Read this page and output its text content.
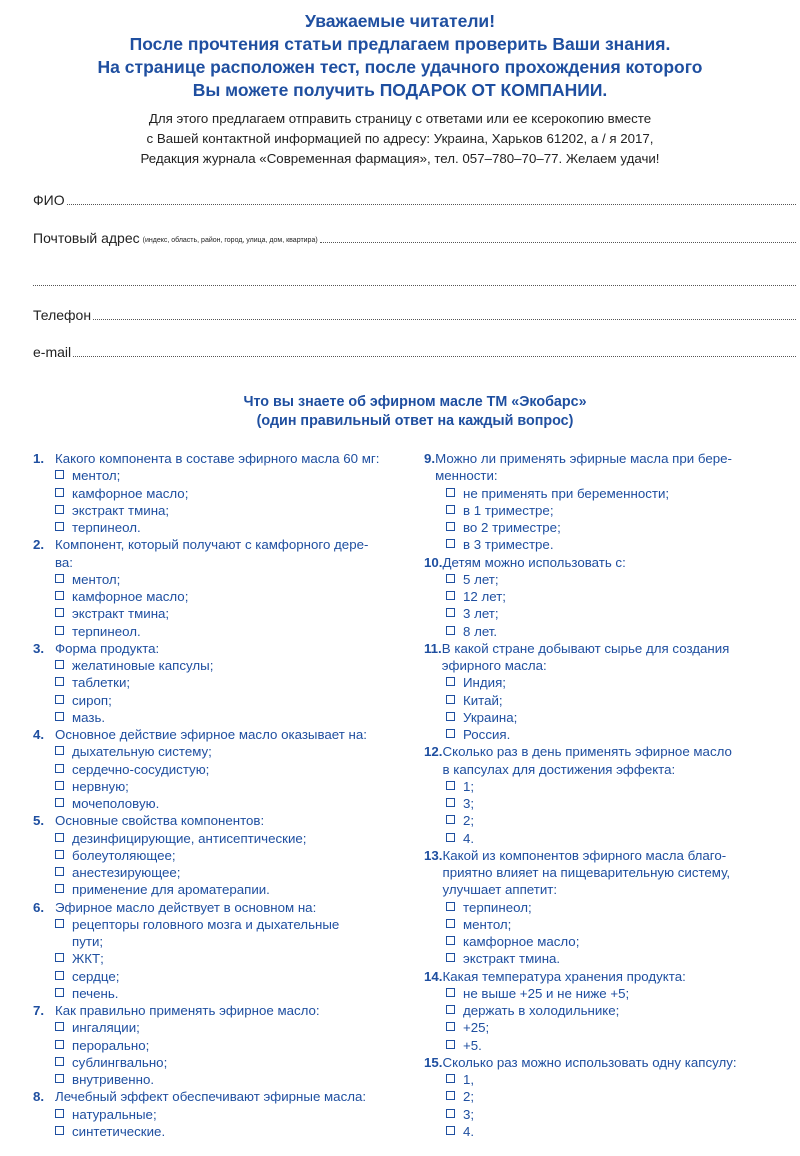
Уважаемые читатели!
После прочтения статьи предлагаем проверить Ваши знания.
На странице расположен тест, после удачного прохождения которого
Вы можете получить ПОДАРОК ОТ КОМПАНИИ.
Для этого предлагаем отправить страницу с ответами или ее ксерокопию вместе
с Вашей контактной информацией по адресу: Украина, Харьков 61202, а / я 2017,
Редакция журнала «Современная фармация», тел. 057–780–70–77. Желаем удачи!
ФИО
Почтовый адрес (индекс, область, район, город, улица, дом, квартира)
Телефон
e-mail
Что вы знаете об эфирном масле ТМ «Экобарс»
(один правильный ответ на каждый вопрос)
1. Какого компонента в составе эфирного масла 60 мг:
ментол;
камфорное масло;
экстракт тмина;
терпинеол.
2. Компонент, который получают с камфорного дере-
ва:
ментол;
камфорное масло;
экстракт тмина;
терпинеол.
3. Форма продукта:
желатиновые капсулы;
таблетки;
сироп;
мазь.
4. Основное действие эфирное масло оказывает на:
дыхательную систему;
сердечно-сосудистую;
нервную;
мочеполовую.
5. Основные свойства компонентов:
дезинфицирующие, антисептические;
болеутоляющее;
анестезирующее;
применение для ароматерапии.
6. Эфирное масло действует в основном на:
рецепторы головного мозга и дыхательные
пути;
ЖКТ;
сердце;
печень.
7. Как правильно применять эфирное масло:
ингаляции;
перорально;
сублингвально;
внутривенно.
8. Лечебный эффект обеспечивают эфирные масла:
натуральные;
синтетические.
9. Можно ли применять эфирные масла при бере-
менности:
не применять при беременности;
в 1 триместре;
во 2 триместре;
в 3 триместре.
10. Детям можно использовать с:
5 лет;
12 лет;
3 лет;
8 лет.
11. В какой стране добывают сырье для создания
эфирного масла:
Индия;
Китай;
Украина;
Россия.
12. Сколько раз в день применять эфирное масло
в капсулах для достижения эффекта:
1;
3;
2;
4.
13. Какой из компонентов эфирного масла благо-
приятно влияет на пищеварительную систему,
улучшает аппетит:
терпинеол;
ментол;
камфорное масло;
экстракт тмина.
14. Какая температура хранения продукта:
не выше +25 и не ниже +5;
держать в холодильнике;
+25;
+5.
15. Сколько раз можно использовать одну капсулу:
1,
2;
3;
4.
